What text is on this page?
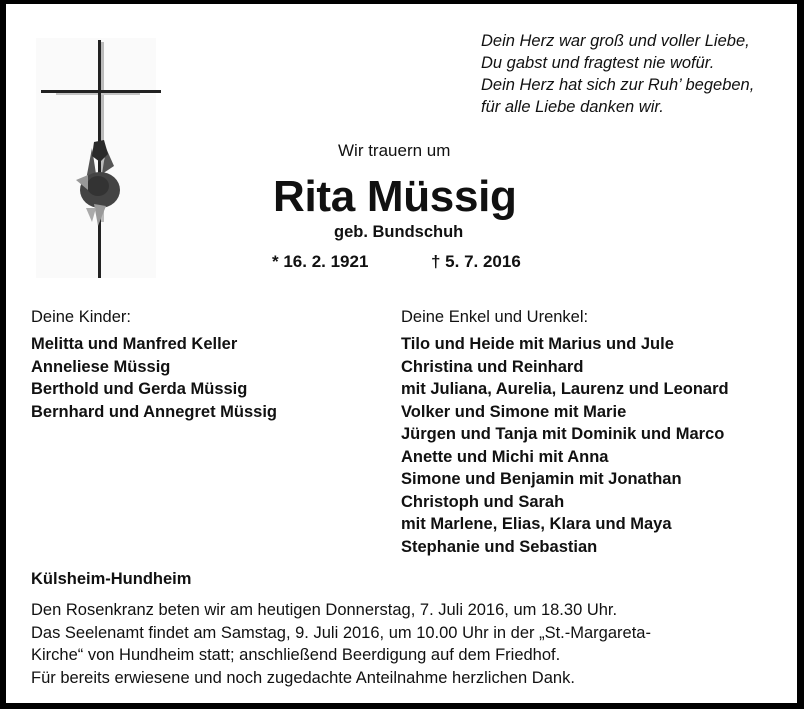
Dein Herz war groß und voller Liebe,
Du gabst und fragtest nie wofür.
Dein Herz hat sich zur Ruh’ begeben,
für alle Liebe danken wir.
Wir trauern um
Rita Müssig
geb. Bundschuh
* 16. 2. 1921	† 5. 7. 2016
Deine Kinder:
Melitta und Manfred Keller
Anneliese Müssig
Berthold und Gerda Müssig
Bernhard und Annegret Müssig
Deine Enkel und Urenkel:
Tilo und Heide mit Marius und Jule
Christina und Reinhard
mit Juliana, Aurelia, Laurenz und Leonard
Volker und Simone mit Marie
Jürgen und Tanja mit Dominik und Marco
Anette und Michi mit Anna
Simone und Benjamin mit Jonathan
Christoph und Sarah
mit Marlene, Elias, Klara und Maya
Stephanie und Sebastian
Külsheim-Hundheim
Den Rosenkranz beten wir am heutigen Donnerstag, 7. Juli 2016, um 18.30 Uhr.
Das Seelenamt findet am Samstag, 9. Juli 2016, um 10.00 Uhr in der „St.-Margareta-
Kirche“ von Hundheim statt; anschließend Beerdigung auf dem Friedhof.
Für bereits erwiesene und noch zugedachte Anteilnahme herzlichen Dank.
